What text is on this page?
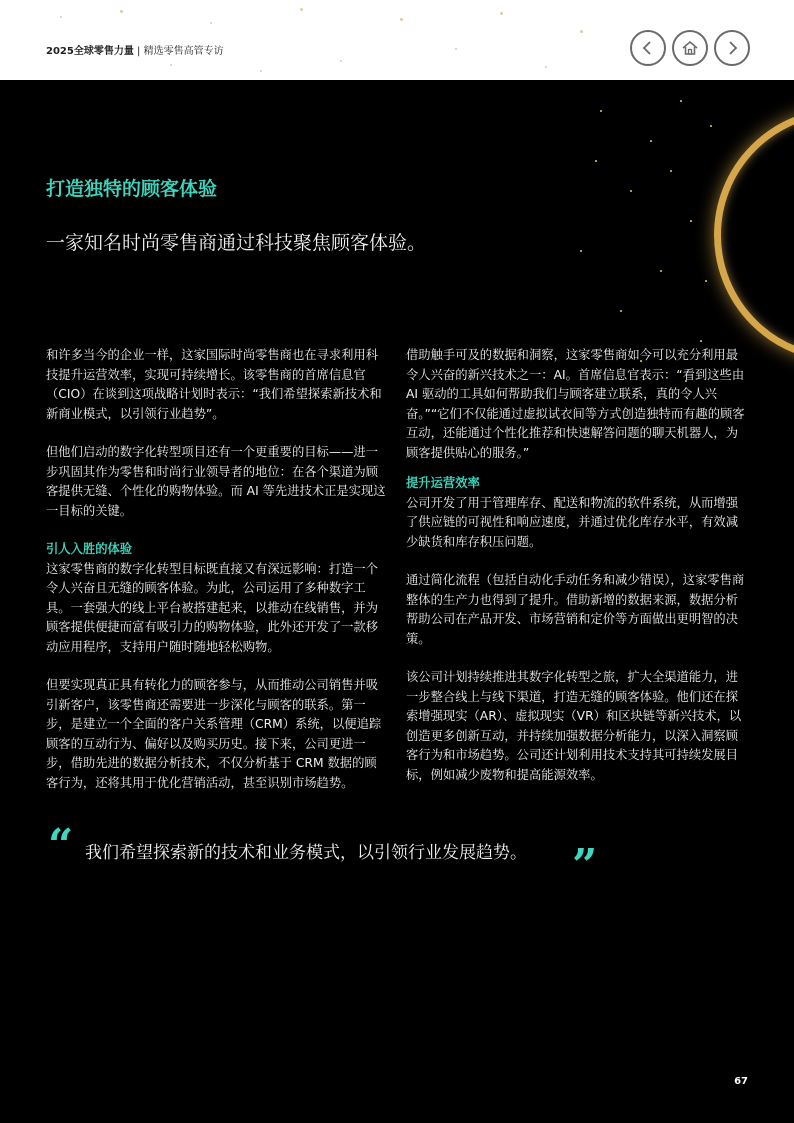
2025全球零售力量 | 精选零售高管专访
打造独特的顾客体验
一家知名时尚零售商通过科技聚焦顾客体验。

和许多当今的企业一样，这家国际时尚零售商也在寻求利用科技提升运营效率，实现可持续增长。该零售商的首席信息官（CIO）在谈到这项战略计划时表示：“我们希望探索新技术和新商业模式，以引领行业趋势”。

但他们启动的数字化转型项目还有一个更重要的目标——进一步巩固其作为零售和时尚行业领导者的地位：在各个渠道为顾客提供无缝、个性化的购物体验。而 AI 等先进技术正是实现这一目标的关键。

引人入胜的体验

这家零售商的数字化转型目标既直接又有深远影响：打造一个令人兴奋且无缝的顾客体验。为此，公司运用了多种数字工具。一套强大的线上平台被搭建起来，以推动在线销售，并为顾客提供便捷而富有吸引力的购物体验，此外还开发了一款移动应用程序，支持用户随时随地轻松购物。

但要实现真正具有转化力的顾客参与，从而推动公司销售并吸引新客户，该零售商还需要进一步深化与顾客的联系。第一步，是建立一个全面的客户关系管理（CRM）系统，以便追踪顾客的互动行为、偏好以及购买历史。接下来，公司更进一步，借助先进的数据分析技术，不仅分析基于 CRM 数据的顾客行为，还将其用于优化营销活动，甚至识别市场趋势。

借助触手可及的数据和洞察，这家零售商如今可以充分利用最令人兴奋的新兴技术之一：AI。首席信息官表示：“看到这些由 AI 驱动的工具如何帮助我们与顾客建立联系，真的令人兴奋。”“它们不仅能通过虚拟试衣间等方式创造独特而有趣的顾客互动，还能通过个性化推荐和快速解答问题的聊天机器人，为顾客提供贴心的服务。”

提升运营效率

公司开发了用于管理库存、配送和物流的软件系统，从而增强了供应链的可视性和响应速度，并通过优化库存水平，有效减少缺货和库存积压问题。

通过简化流程（包括自动化手动任务和减少错误），这家零售商整体的生产力也得到了提升。借助新增的数据来源，数据分析帮助公司在产品开发、市场营销和定价等方面做出更明智的决策。

该公司计划持续推进其数字化转型之旅，扩大全渠道能力，进一步整合线上与线下渠道，打造无缝的顾客体验。他们还在探索增强现实（AR）、虚拟现实（VR）和区块链等新兴技术，以创造更多创新互动，并持续加强数据分析能力，以深入洞察顾客行为和市场趋势。公司还计划利用技术支持其可持续发展目标，例如减少废物和提高能源效率。

“ 我们希望探索新的技术和业务模式，以引领行业发展趋势。 ”
67
